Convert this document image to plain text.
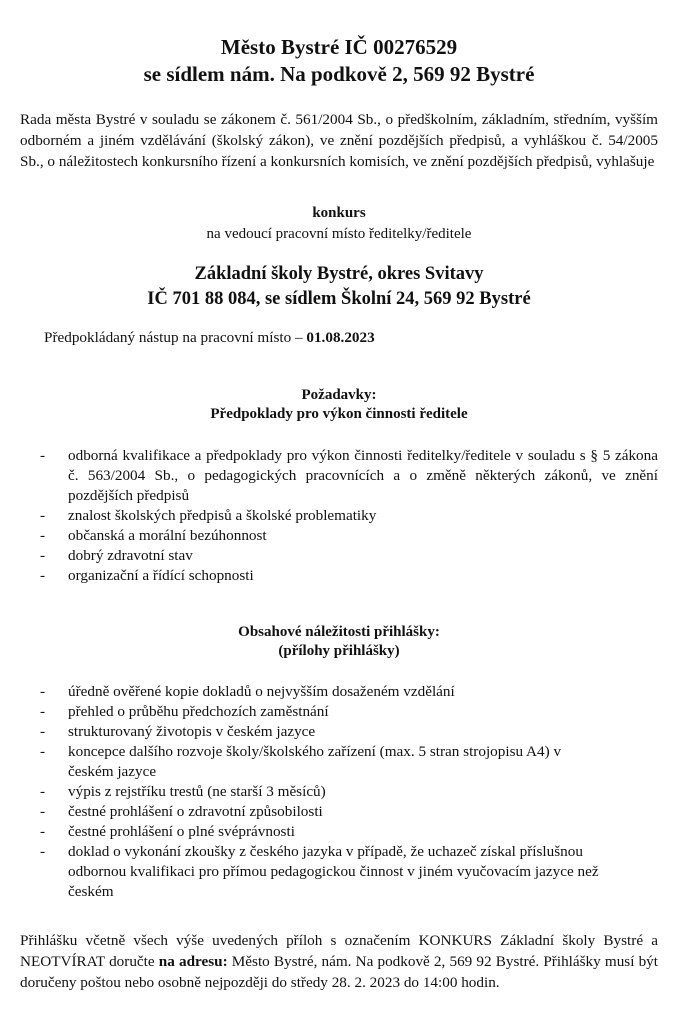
Město Bystré IČ 00276529
se sídlem nám. Na podkově 2, 569 92 Bystré
Rada města Bystré v souladu se zákonem č. 561/2004 Sb., o předškolním, základním, středním, vyšším odborném a jiném vzdělávání (školský zákon), ve znění pozdějších předpisů, a vyhláškou č. 54/2005 Sb., o náležitostech konkursního řízení a konkursních komisích, ve znění pozdějších předpisů, vyhlašuje
konkurs
na vedoucí pracovní místo ředitelky/ředitele
Základní školy Bystré, okres Svitavy
IČ 701 88 084, se sídlem Školní 24, 569 92 Bystré
Předpokládaný nástup na pracovní místo – 01.08.2023
Požadavky:
Předpoklady pro výkon činnosti ředitele
- odborná kvalifikace a předpoklady pro výkon činnosti ředitelky/ředitele v souladu s § 5 zákona č. 563/2004 Sb., o pedagogických pracovnících a o změně některých zákonů, ve znění pozdějších předpisů
- znalost školských předpisů a školské problematiky
- občanská a morální bezúhonnost
- dobrý zdravotní stav
- organizační a řídící schopnosti
Obsahové náležitosti přihlášky:
(přílohy přihlášky)
- úředně ověřené kopie dokladů o nejvyšším dosaženém vzdělání
- přehled o průběhu předchozích zaměstnání
- strukturovaný životopis v českém jazyce
- koncepce dalšího rozvoje školy/školského zařízení (max. 5 stran strojopisu A4) v českém jazyce
- výpis z rejstříku trestů (ne starší 3 měsíců)
- čestné prohlášení o zdravotní způsobilosti
- čestné prohlášení o plné svéprávnosti
- doklad o vykonání zkoušky z českého jazyka v případě, že uchazeč získal příslušnou odbornou kvalifikaci pro přímou pedagogickou činnost v jiném vyučovacím jazyce než českém
Přihlášku včetně všech výše uvedených příloh s označením KONKURS Základní školy Bystré a NEOTVÍRAT doručte na adresu: Město Bystré, nám. Na podkově 2, 569 92 Bystré. Přihlášky musí být doručeny poštou nebo osobně nejpozději do středy 28. 2. 2023 do 14:00 hodin.
